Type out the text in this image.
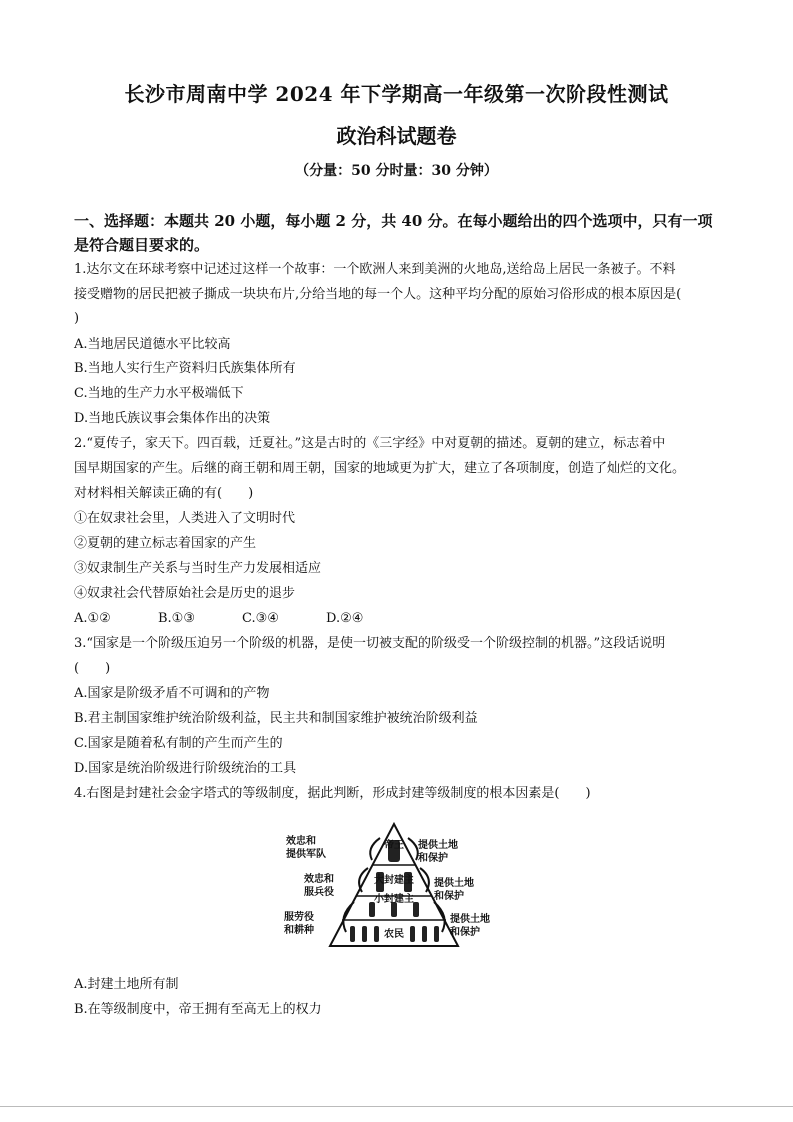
长沙市周南中学 2024 年下学期高一年级第一次阶段性测试
政治科试题卷
（分量：50 分时量：30 分钟）
一、选择题：本题共 20 小题，每小题 2 分，共 40 分。在每小题给出的四个选项中，只有一项
是符合题目要求的。
1.达尔文在环球考察中记述过这样一个故事：一个欧洲人来到美洲的火地岛,送给岛上居民一条被子。不料
接受赠物的居民把被子撕成一块块布片,分给当地的每一个人。这种平均分配的原始习俗形成的根本原因是(
)
A.当地居民道德水平比较高
B.当地人实行生产资料归氏族集体所有
C.当地的生产力水平极端低下
D.当地氏族议事会集体作出的决策
2.“夏传子，家天下。四百载，迁夏社。”这是古时的《三字经》中对夏朝的描述。夏朝的建立，标志着中
国早期国家的产生。后继的商王朝和周王朝，国家的地域更为扩大，建立了各项制度，创造了灿烂的文化。
对材料相关解读正确的有(　　)
①在奴隶社会里，人类进入了文明时代
②夏朝的建立标志着国家的产生
③奴隶制生产关系与当时生产力发展相适应
④奴隶社会代替原始社会是历史的退步
A.①②	B.①③	C.③④	D.②④
3.“国家是一个阶级压迫另一个阶级的机器，是使一切被支配的阶级受一个阶级控制的机器。”这段话说明
(　　)
A.国家是阶级矛盾不可调和的产物
B.君主制国家维护统治阶级利益，民主共和制国家维护被统治阶级利益
C.国家是随着私有制的产生而产生的
D.国家是统治阶级进行阶级统治的工具
4.右图是封建社会金字塔式的等级制度，据此判断，形成封建等级制度的根本因素是(　　)
帝王
大封建主
小封建主
农民
效忠和
提供军队
效忠和
服兵役
服劳役
和耕种
提供土地
和保护
提供土地
和保护
提供土地
和保护
A.封建土地所有制
B.在等级制度中，帝王拥有至高无上的权力
